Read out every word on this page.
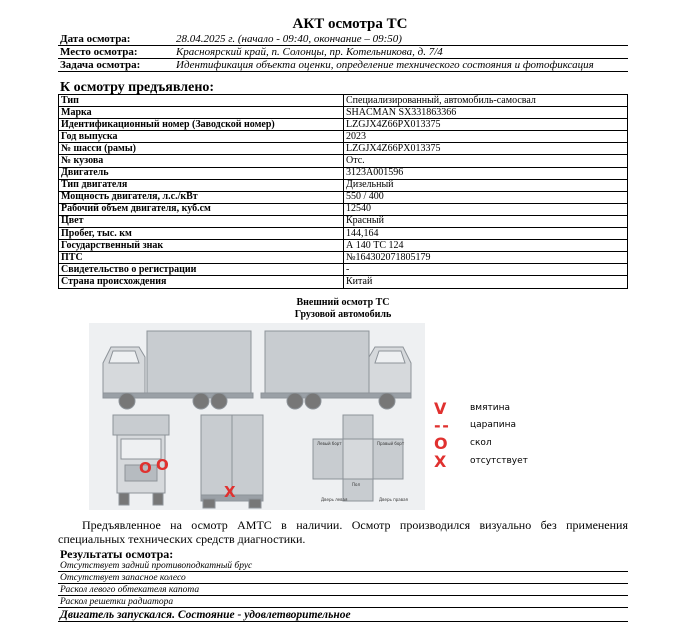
АКТ осмотра ТС
Дата осмотра:	28.04.2025 г. (начало - 09:40, окончание – 09:50)
Место осмотра:	Красноярский край, п. Солонцы, пр. Котельникова, д. 7/4
Задача осмотра:	Идентификация объекта оценки, определение технического состояния и фотофиксация
К осмотру предъявлено:
Тип	Специализированный, автомобиль-самосвал
Марка	SHACMAN SX331863366
Идентификационный номер (Заводской номер)	LZGJX4Z66PX013375
Год выпуска	2023
№ шасси (рамы)	LZGJX4Z66PX013375
№ кузова	Отс.
Двигатель	3123A001596
Тип двигателя	Дизельный
Мощность двигателя, л.с./кВт	550 / 400
Рабочий объем двигателя, куб.см	12540
Цвет	Красный
Пробег, тыс. км	144,164
Государственный знак	А 140 ТС 124
ПТС	№164302071805179
Свидетельство о регистрации	-
Страна происхождения	Китай
Внешний осмотр ТС
Грузовой автомобиль
O O
X	Дверь левая
Пол
Дверь правая
Левый борт	Правый борт
V	вмятина
- -	царапина
O скол
X	отсутствует
Предъявленное на осмотр АМТС в наличии. Осмотр производился визуально без применения специальных технических средств диагностики.
Результаты осмотра:
Отсутствует задний противоподкатный брус
Отсутствует запасное колесо
Раскол левого обтекателя капота
Раскол решетки радиатора
Двигатель запускался. Состояние - удовлетворительное
